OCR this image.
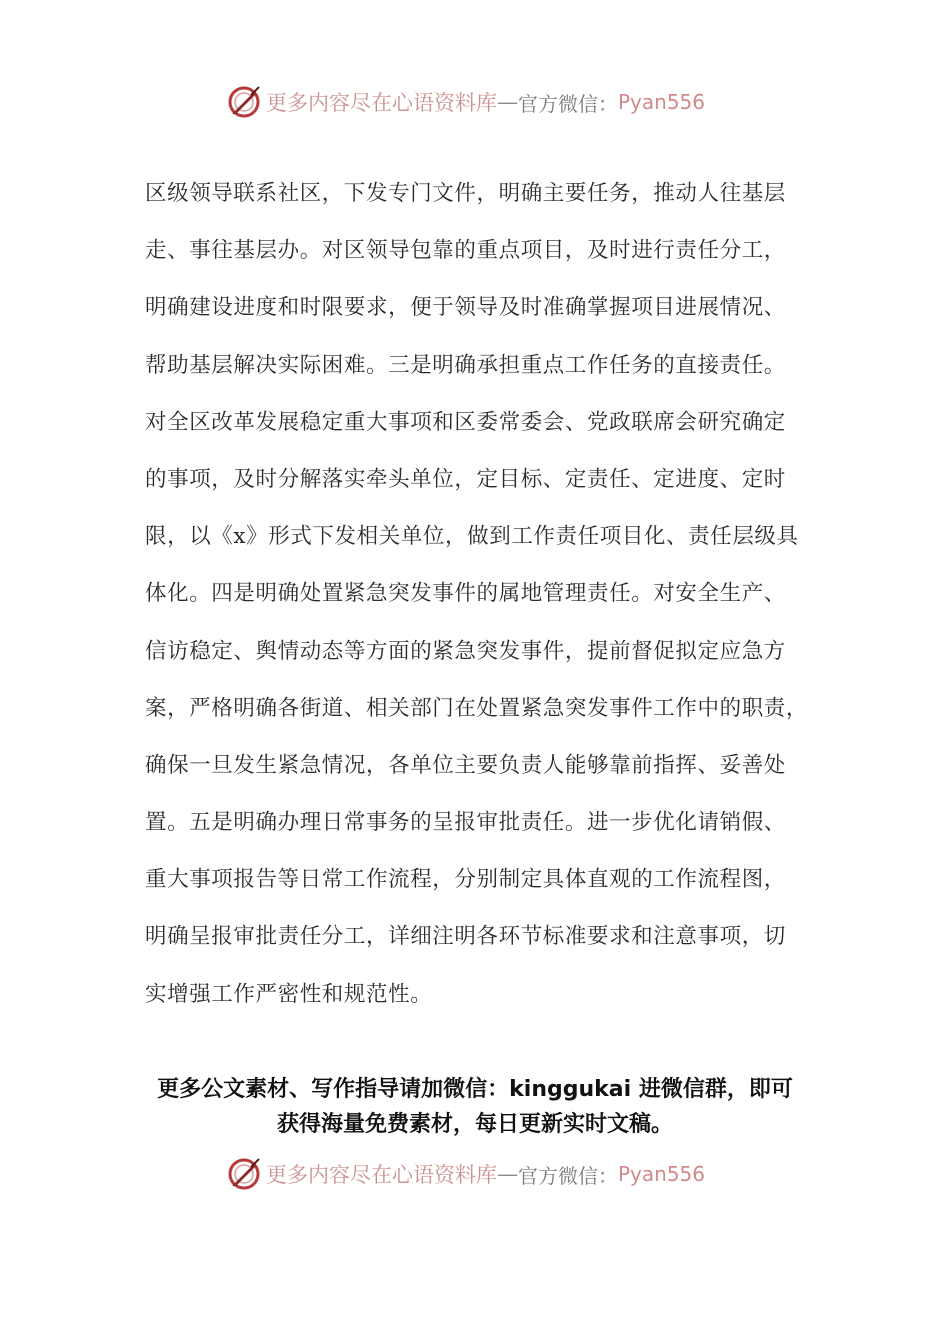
更多内容尽在心语资料库 — 官方微信： Pyan556
区级领导联系社区，下发专门文件，明确主要任务，推动人往基层
走、事往基层办。对区领导包靠的重点项目，及时进行责任分工，
明确建设进度和时限要求，便于领导及时准确掌握项目进展情况、
帮助基层解决实际困难。三是明确承担重点工作任务的直接责任。
对全区改革发展稳定重大事项和区委常委会、党政联席会研究确定
的事项，及时分解落实牵头单位，定目标、定责任、定进度、定时
限，以《x》形式下发相关单位，做到工作责任项目化、责任层级具
体化。四是明确处置紧急突发事件的属地管理责任。对安全生产、
信访稳定、舆情动态等方面的紧急突发事件，提前督促拟定应急方
案，严格明确各街道、相关部门在处置紧急突发事件工作中的职责，
确保一旦发生紧急情况，各单位主要负责人能够靠前指挥、妥善处
置。五是明确办理日常事务的呈报审批责任。进一步优化请销假、
重大事项报告等日常工作流程，分别制定具体直观的工作流程图，
明确呈报审批责任分工，详细注明各环节标准要求和注意事项，切
实增强工作严密性和规范性。
更多公文素材、写作指导请加微信：kinggukai 进微信群，即可
获得海量免费素材，每日更新实时文稿。
更多内容尽在心语资料库 — 官方微信： Pyan556
